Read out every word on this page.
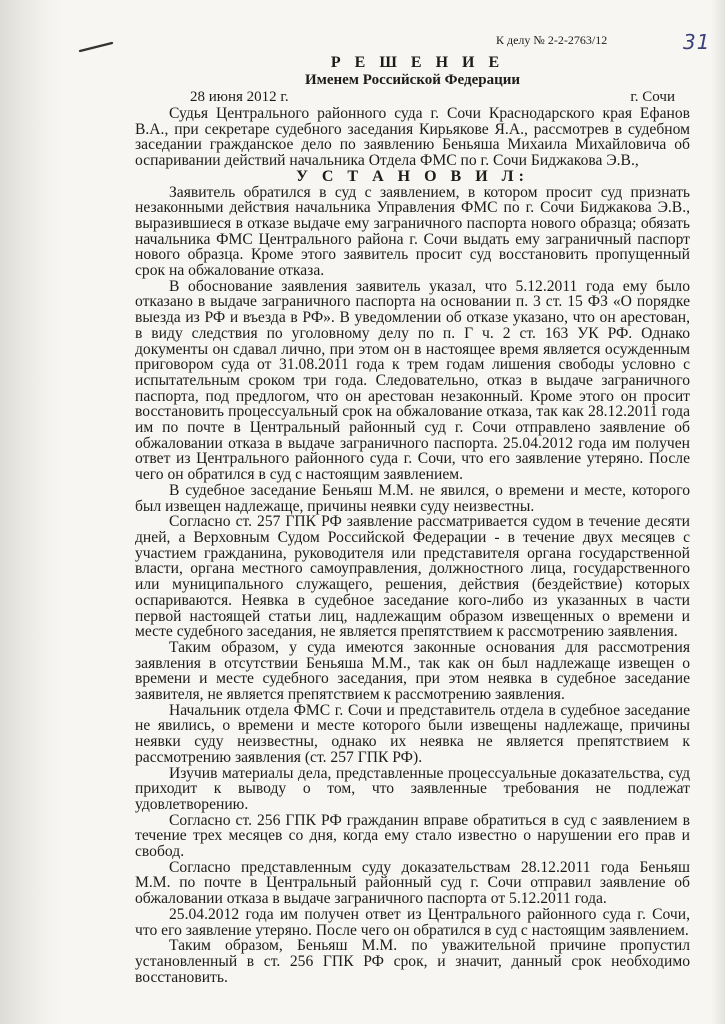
К делу № 2-2-2763/12	31
Р Е Ш Е Н И Е
Именем Российской Федерации
28 июня 2012 г.	г. Сочи

Судья Центрального районного суда г. Сочи Краснодарского края Ефанов В.А., при секретаре судебного заседания Кирьякове Я.А., рассмотрев в судебном заседании гражданское дело по заявлению Беньяша Михаила Михайловича об оспаривании действий начальника Отдела ФМС по г. Сочи Биджакова Э.В.,

У С Т А Н О В И Л:

Заявитель обратился в суд с заявлением, в котором просит суд признать незаконными действия начальника Управления ФМС по г. Сочи Биджакова Э.В., выразившиеся в отказе выдаче ему заграничного паспорта нового образца; обязать начальника ФМС Центрального района г. Сочи выдать ему заграничный паспорт нового образца. Кроме этого заявитель просит суд восстановить пропущенный срок на обжалование отказа.

В обоснование заявления заявитель указал, что 5.12.2011 года ему было отказано в выдаче заграничного паспорта на основании п. 3 ст. 15 ФЗ «О порядке выезда из РФ и въезда в РФ». В уведомлении об отказе указано, что он арестован, в виду следствия по уголовному делу по п. Г ч. 2 ст. 163 УК РФ. Однако документы он сдавал лично, при этом он в настоящее время является осужденным приговором суда от 31.08.2011 года к трем годам лишения свободы условно с испытательным сроком три года. Следовательно, отказ в выдаче заграничного паспорта, под предлогом, что он арестован незаконный. Кроме этого он просит восстановить процессуальный срок на обжалование отказа, так как 28.12.2011 года им по почте в Центральный районный суд г. Сочи отправлено заявление об обжаловании отказа в выдаче заграничного паспорта. 25.04.2012 года им получен ответ из Центрального районного суда г. Сочи, что его заявление утеряно. После чего он обратился в суд с настоящим заявлением.

В судебное заседание Беньяш М.М. не явился, о времени и месте, которого был извещен надлежаще, причины неявки суду неизвестны.

Согласно ст. 257 ГПК РФ заявление рассматривается судом в течение десяти дней, а Верховным Судом Российской Федерации - в течение двух месяцев с участием гражданина, руководителя или представителя органа государственной власти, органа местного самоуправления, должностного лица, государственного или муниципального служащего, решения, действия (бездействие) которых оспариваются. Неявка в судебное заседание кого-либо из указанных в части первой настоящей статьи лиц, надлежащим образом извещенных о времени и месте судебного заседания, не является препятствием к рассмотрению заявления.

Таким образом, у суда имеются законные основания для рассмотрения заявления в отсутствии Беньяша М.М., так как он был надлежаще извещен о времени и месте судебного заседания, при этом неявка в судебное заседание заявителя, не является препятствием к рассмотрению заявления.

Начальник отдела ФМС г. Сочи и представитель отдела в судебное заседание не явились, о времени и месте которого были извещены надлежаще, причины неявки суду неизвестны, однако их неявка не является препятствием к рассмотрению заявления (ст. 257 ГПК РФ).

Изучив материалы дела, представленные процессуальные доказательства, суд приходит к выводу о том, что заявленные требования не подлежат удовлетворению.

Согласно ст. 256 ГПК РФ гражданин вправе обратиться в суд с заявлением в течение трех месяцев со дня, когда ему стало известно о нарушении его прав и свобод.

Согласно представленным суду доказательствам 28.12.2011 года Беньяш М.М. по почте в Центральный районный суд г. Сочи отправил заявление об обжаловании отказа в выдаче заграничного паспорта от 5.12.2011 года.

25.04.2012 года им получен ответ из Центрального районного суда г. Сочи, что его заявление утеряно. После чего он обратился в суд с настоящим заявлением.

Таким образом, Беньяш М.М. по уважительной причине пропустил установленный в ст. 256 ГПК РФ срок, и значит, данный срок необходимо восстановить.
